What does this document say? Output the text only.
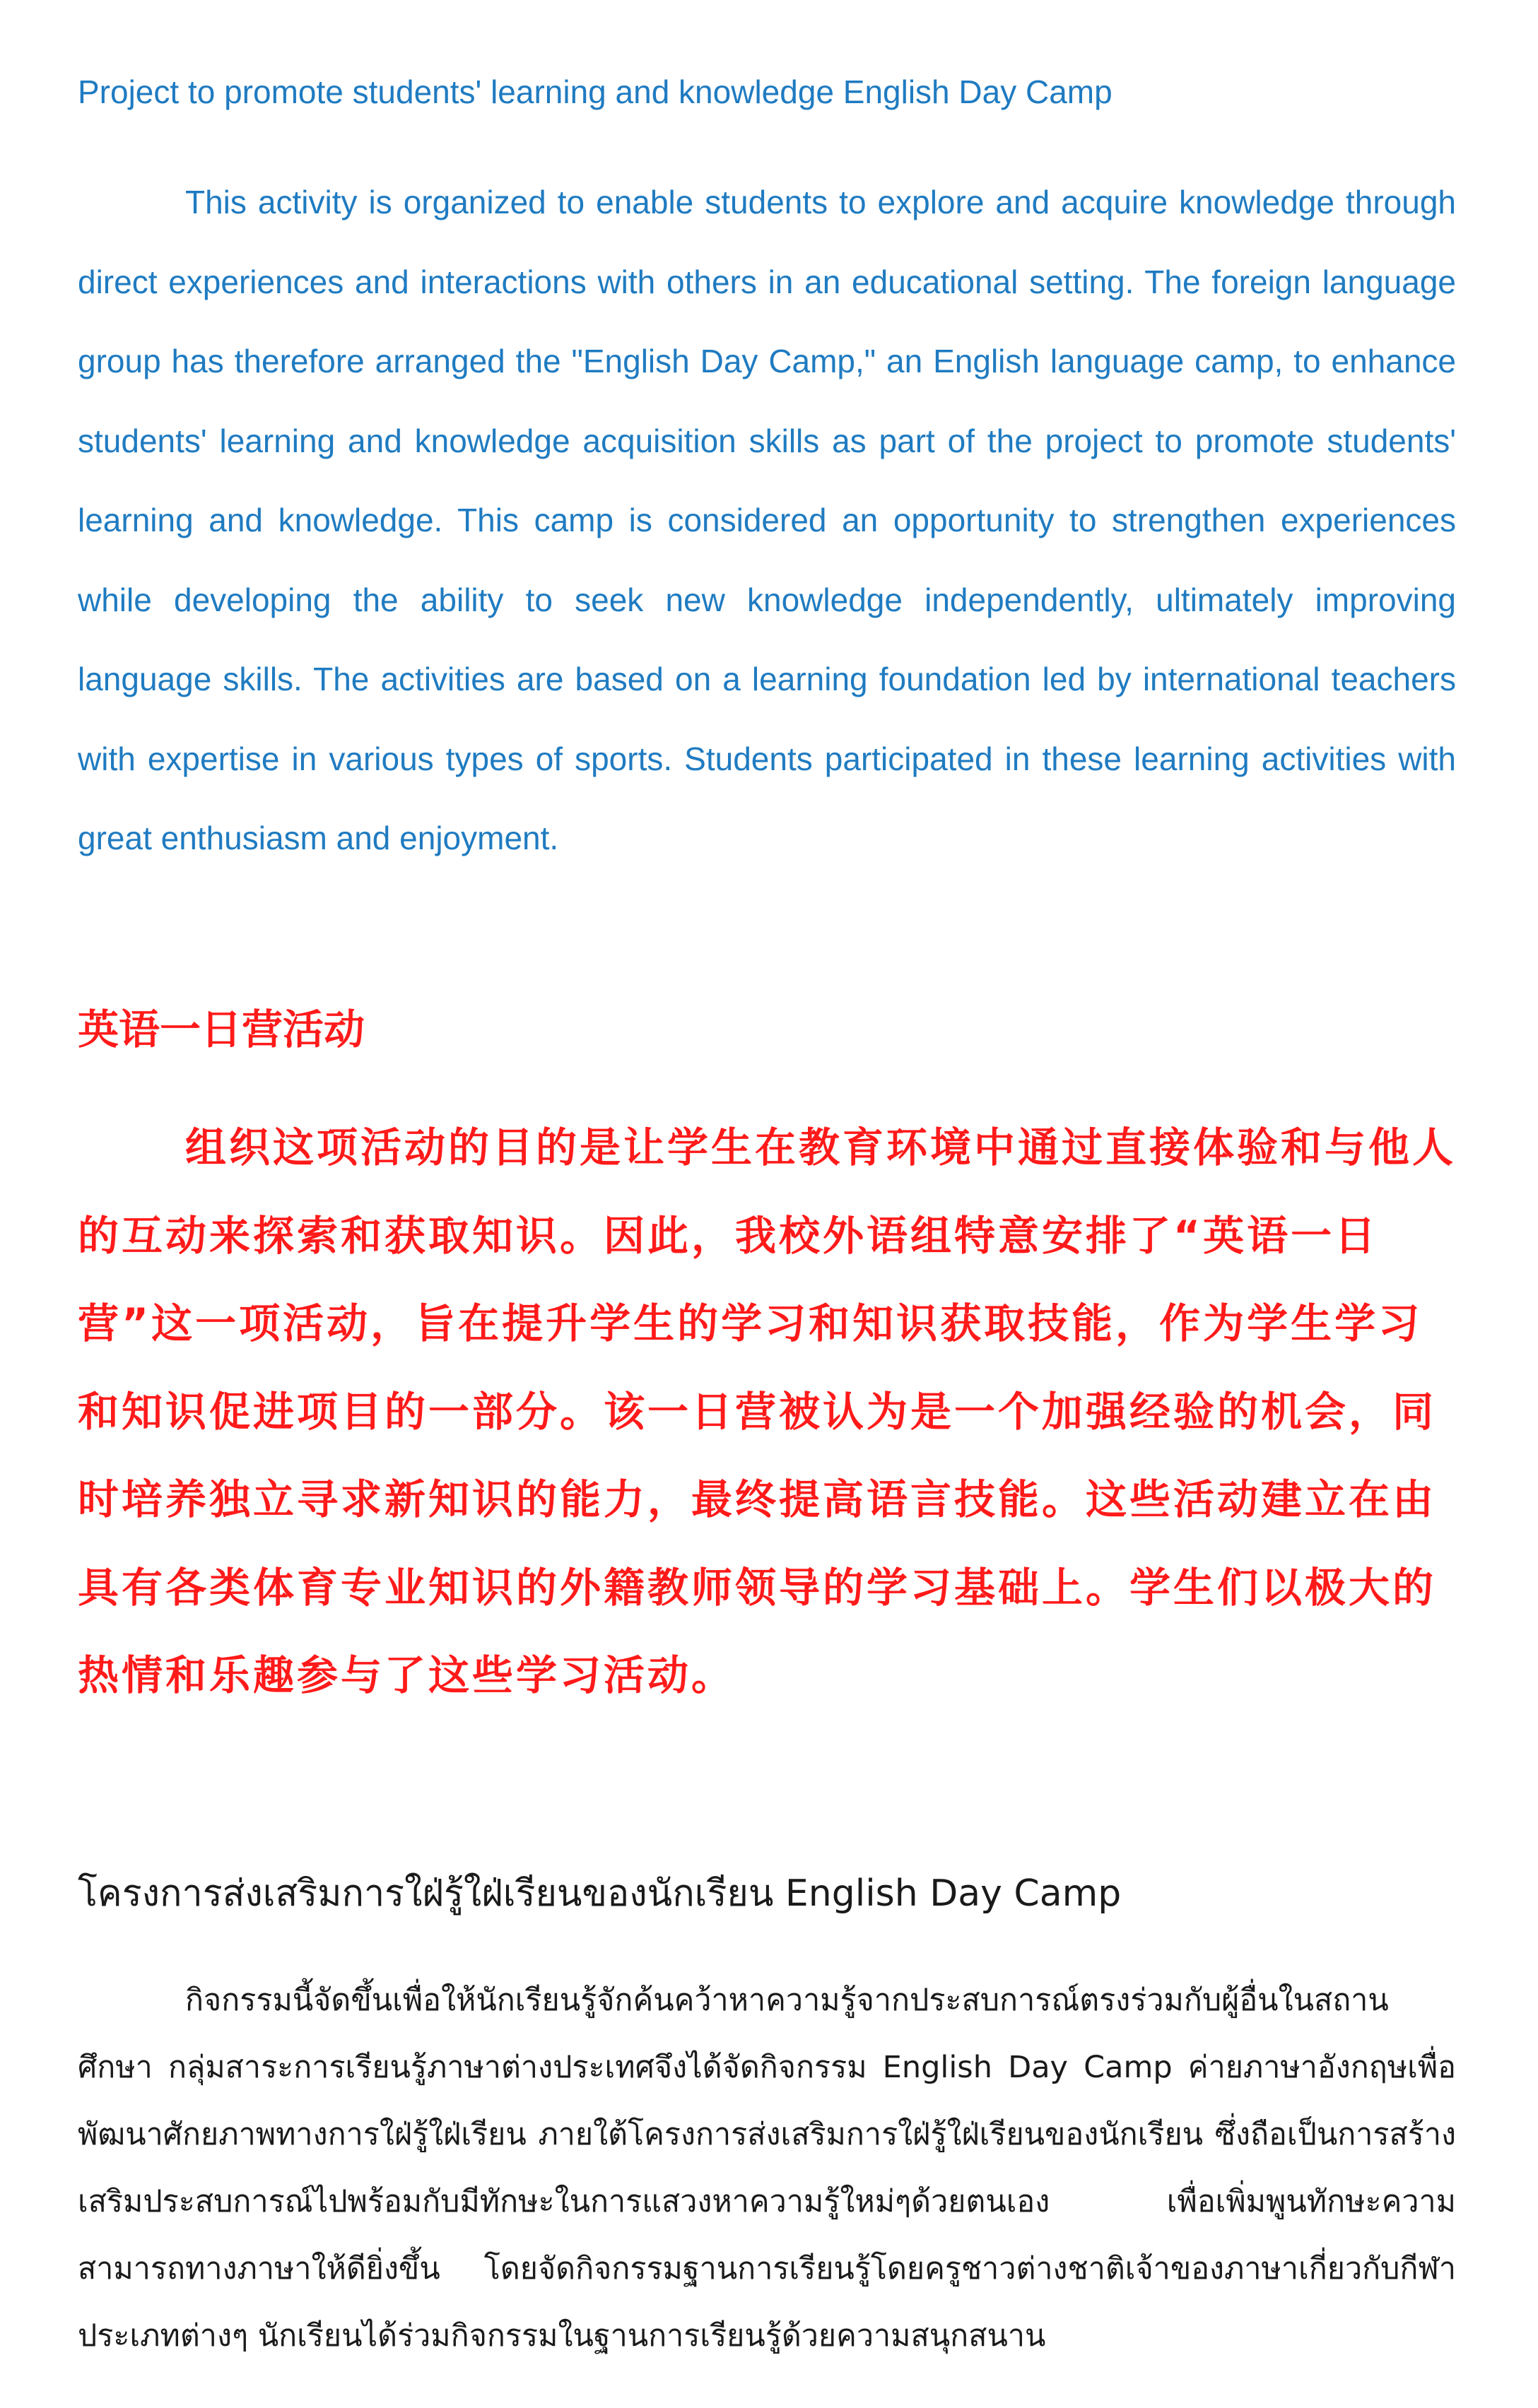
Project to promote students' learning and knowledge English Day Camp

This activity is organized to enable students to explore and acquire knowledge through direct experiences and interactions with others in an educational setting. The foreign language group has therefore arranged the "English Day Camp," an English language camp, to enhance students' learning and knowledge acquisition skills as part of the project to promote students' learning and knowledge. This camp is considered an opportunity to strengthen experiences while developing the ability to seek new knowledge independently, ultimately improving language skills. The activities are based on a learning foundation led by international teachers with expertise in various types of sports. Students participated in these learning activities with great enthusiasm and enjoyment.

英语一日营活动

组织这项活动的目的是让学生在教育环境中通过直接体验和与他人的互动来探索和获取知识。因此，我校外语组特意安排了“英语一日营”这一项活动，旨在提升学生的学习和知识获取技能，作为学生学习和知识促进项目的一部分。该一日营被认为是一个加强经验的机会，同时培养独立寻求新知识的能力，最终提高语言技能。这些活动建立在由具有各类体育专业知识的外籍教师领导的学习基础上。学生们以极大的热情和乐趣参与了这些学习活动。

โครงการส่งเสริมการใฝ่รู้ใฝ่เรียนของนักเรียน English Day Camp

กิจกรรมนี้จัดขึ้นเพื่อให้นักเรียนรู้จักค้นคว้าหาความรู้จากประสบการณ์ตรงร่วมกับผู้อื่นในสถานศึกษา กลุ่มสาระการเรียนรู้ภาษาต่างประเทศจึงได้จัดกิจกรรม English Day Camp ค่ายภาษาอังกฤษเพื่อพัฒนาศักยภาพทางการใฝ่รู้ใฝ่เรียน ภายใต้โครงการส่งเสริมการใฝ่รู้ใฝ่เรียนของนักเรียน ซึ่งถือเป็นการสร้างเสริมประสบการณ์ไปพร้อมกับมีทักษะในการแสวงหาความรู้ใหม่ๆด้วยตนเอง เพื่อเพิ่มพูนทักษะความสามารถทางภาษาให้ดียิ่งขึ้น โดยจัดกิจกรรมฐานการเรียนรู้โดยครูชาวต่างชาติเจ้าของภาษาเกี่ยวกับกีฬาประเภทต่างๆ นักเรียนได้ร่วมกิจกรรมในฐานการเรียนรู้ด้วยความสนุกสนาน
